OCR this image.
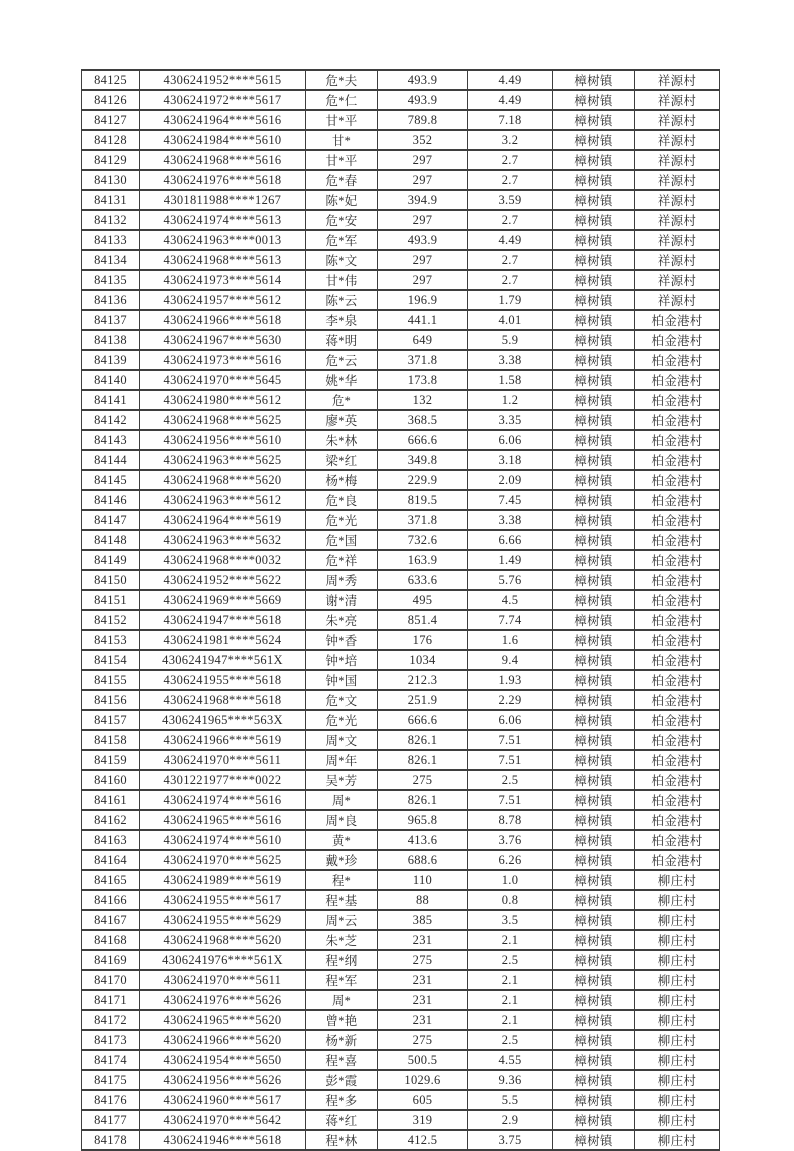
84125	4306241952****5615	危*夫	493.9	4.49	樟树镇	祥源村
84126	4306241972****5617	危*仁	493.9	4.49	樟树镇	祥源村
84127	4306241964****5616	甘*平	789.8	7.18	樟树镇	祥源村
84128	4306241984****5610	甘*	352	3.2	樟树镇	祥源村
84129	4306241968****5616	甘*平	297	2.7	樟树镇	祥源村
84130	4306241976****5618	危*春	297	2.7	樟树镇	祥源村
84131	4301811988****1267	陈*妃	394.9	3.59	樟树镇	祥源村
84132	4306241974****5613	危*安	297	2.7	樟树镇	祥源村
84133	4306241963****0013	危*军	493.9	4.49	樟树镇	祥源村
84134	4306241968****5613	陈*文	297	2.7	樟树镇	祥源村
84135	4306241973****5614	甘*伟	297	2.7	樟树镇	祥源村
84136	4306241957****5612	陈*云	196.9	1.79	樟树镇	祥源村
84137	4306241966****5618	李*泉	441.1	4.01	樟树镇	柏金港村
84138	4306241967****5630	蒋*明	649	5.9	樟树镇	柏金港村
84139	4306241973****5616	危*云	371.8	3.38	樟树镇	柏金港村
84140	4306241970****5645	姚*华	173.8	1.58	樟树镇	柏金港村
84141	4306241980****5612	危*	132	1.2	樟树镇	柏金港村
84142	4306241968****5625	廖*英	368.5	3.35	樟树镇	柏金港村
84143	4306241956****5610	朱*林	666.6	6.06	樟树镇	柏金港村
84144	4306241963****5625	梁*红	349.8	3.18	樟树镇	柏金港村
84145	4306241968****5620	杨*梅	229.9	2.09	樟树镇	柏金港村
84146	4306241963****5612	危*良	819.5	7.45	樟树镇	柏金港村
84147	4306241964****5619	危*光	371.8	3.38	樟树镇	柏金港村
84148	4306241963****5632	危*国	732.6	6.66	樟树镇	柏金港村
84149	4306241968****0032	危*祥	163.9	1.49	樟树镇	柏金港村
84150	4306241952****5622	周*秀	633.6	5.76	樟树镇	柏金港村
84151	4306241969****5669	谢*清	495	4.5	樟树镇	柏金港村
84152	4306241947****5618	朱*亮	851.4	7.74	樟树镇	柏金港村
84153	4306241981****5624	钟*香	176	1.6	樟树镇	柏金港村
84154	4306241947****561X	钟*培	1034	9.4	樟树镇	柏金港村
84155	4306241955****5618	钟*国	212.3	1.93	樟树镇	柏金港村
84156	4306241968****5618	危*文	251.9	2.29	樟树镇	柏金港村
84157	4306241965****563X	危*光	666.6	6.06	樟树镇	柏金港村
84158	4306241966****5619	周*文	826.1	7.51	樟树镇	柏金港村
84159	4306241970****5611	周*年	826.1	7.51	樟树镇	柏金港村
84160	4301221977****0022	吴*芳	275	2.5	樟树镇	柏金港村
84161	4306241974****5616	周*	826.1	7.51	樟树镇	柏金港村
84162	4306241965****5616	周*良	965.8	8.78	樟树镇	柏金港村
84163	4306241974****5610	黄*	413.6	3.76	樟树镇	柏金港村
84164	4306241970****5625	戴*珍	688.6	6.26	樟树镇	柏金港村
84165	4306241989****5619	程*	110	1.0	樟树镇	柳庄村
84166	4306241955****5617	程*基	88	0.8	樟树镇	柳庄村
84167	4306241955****5629	周*云	385	3.5	樟树镇	柳庄村
84168	4306241968****5620	朱*芝	231	2.1	樟树镇	柳庄村
84169	4306241976****561X	程*纲	275	2.5	樟树镇	柳庄村
84170	4306241970****5611	程*军	231	2.1	樟树镇	柳庄村
84171	4306241976****5626	周*	231	2.1	樟树镇	柳庄村
84172	4306241965****5620	曾*艳	231	2.1	樟树镇	柳庄村
84173	4306241966****5620	杨*新	275	2.5	樟树镇	柳庄村
84174	4306241954****5650	程*喜	500.5	4.55	樟树镇	柳庄村
84175	4306241956****5626	彭*霞	1029.6	9.36	樟树镇	柳庄村
84176	4306241960****5617	程*多	605	5.5	樟树镇	柳庄村
84177	4306241970****5642	蒋*红	319	2.9	樟树镇	柳庄村
84178	4306241946****5618	程*林	412.5	3.75	樟树镇	柳庄村
